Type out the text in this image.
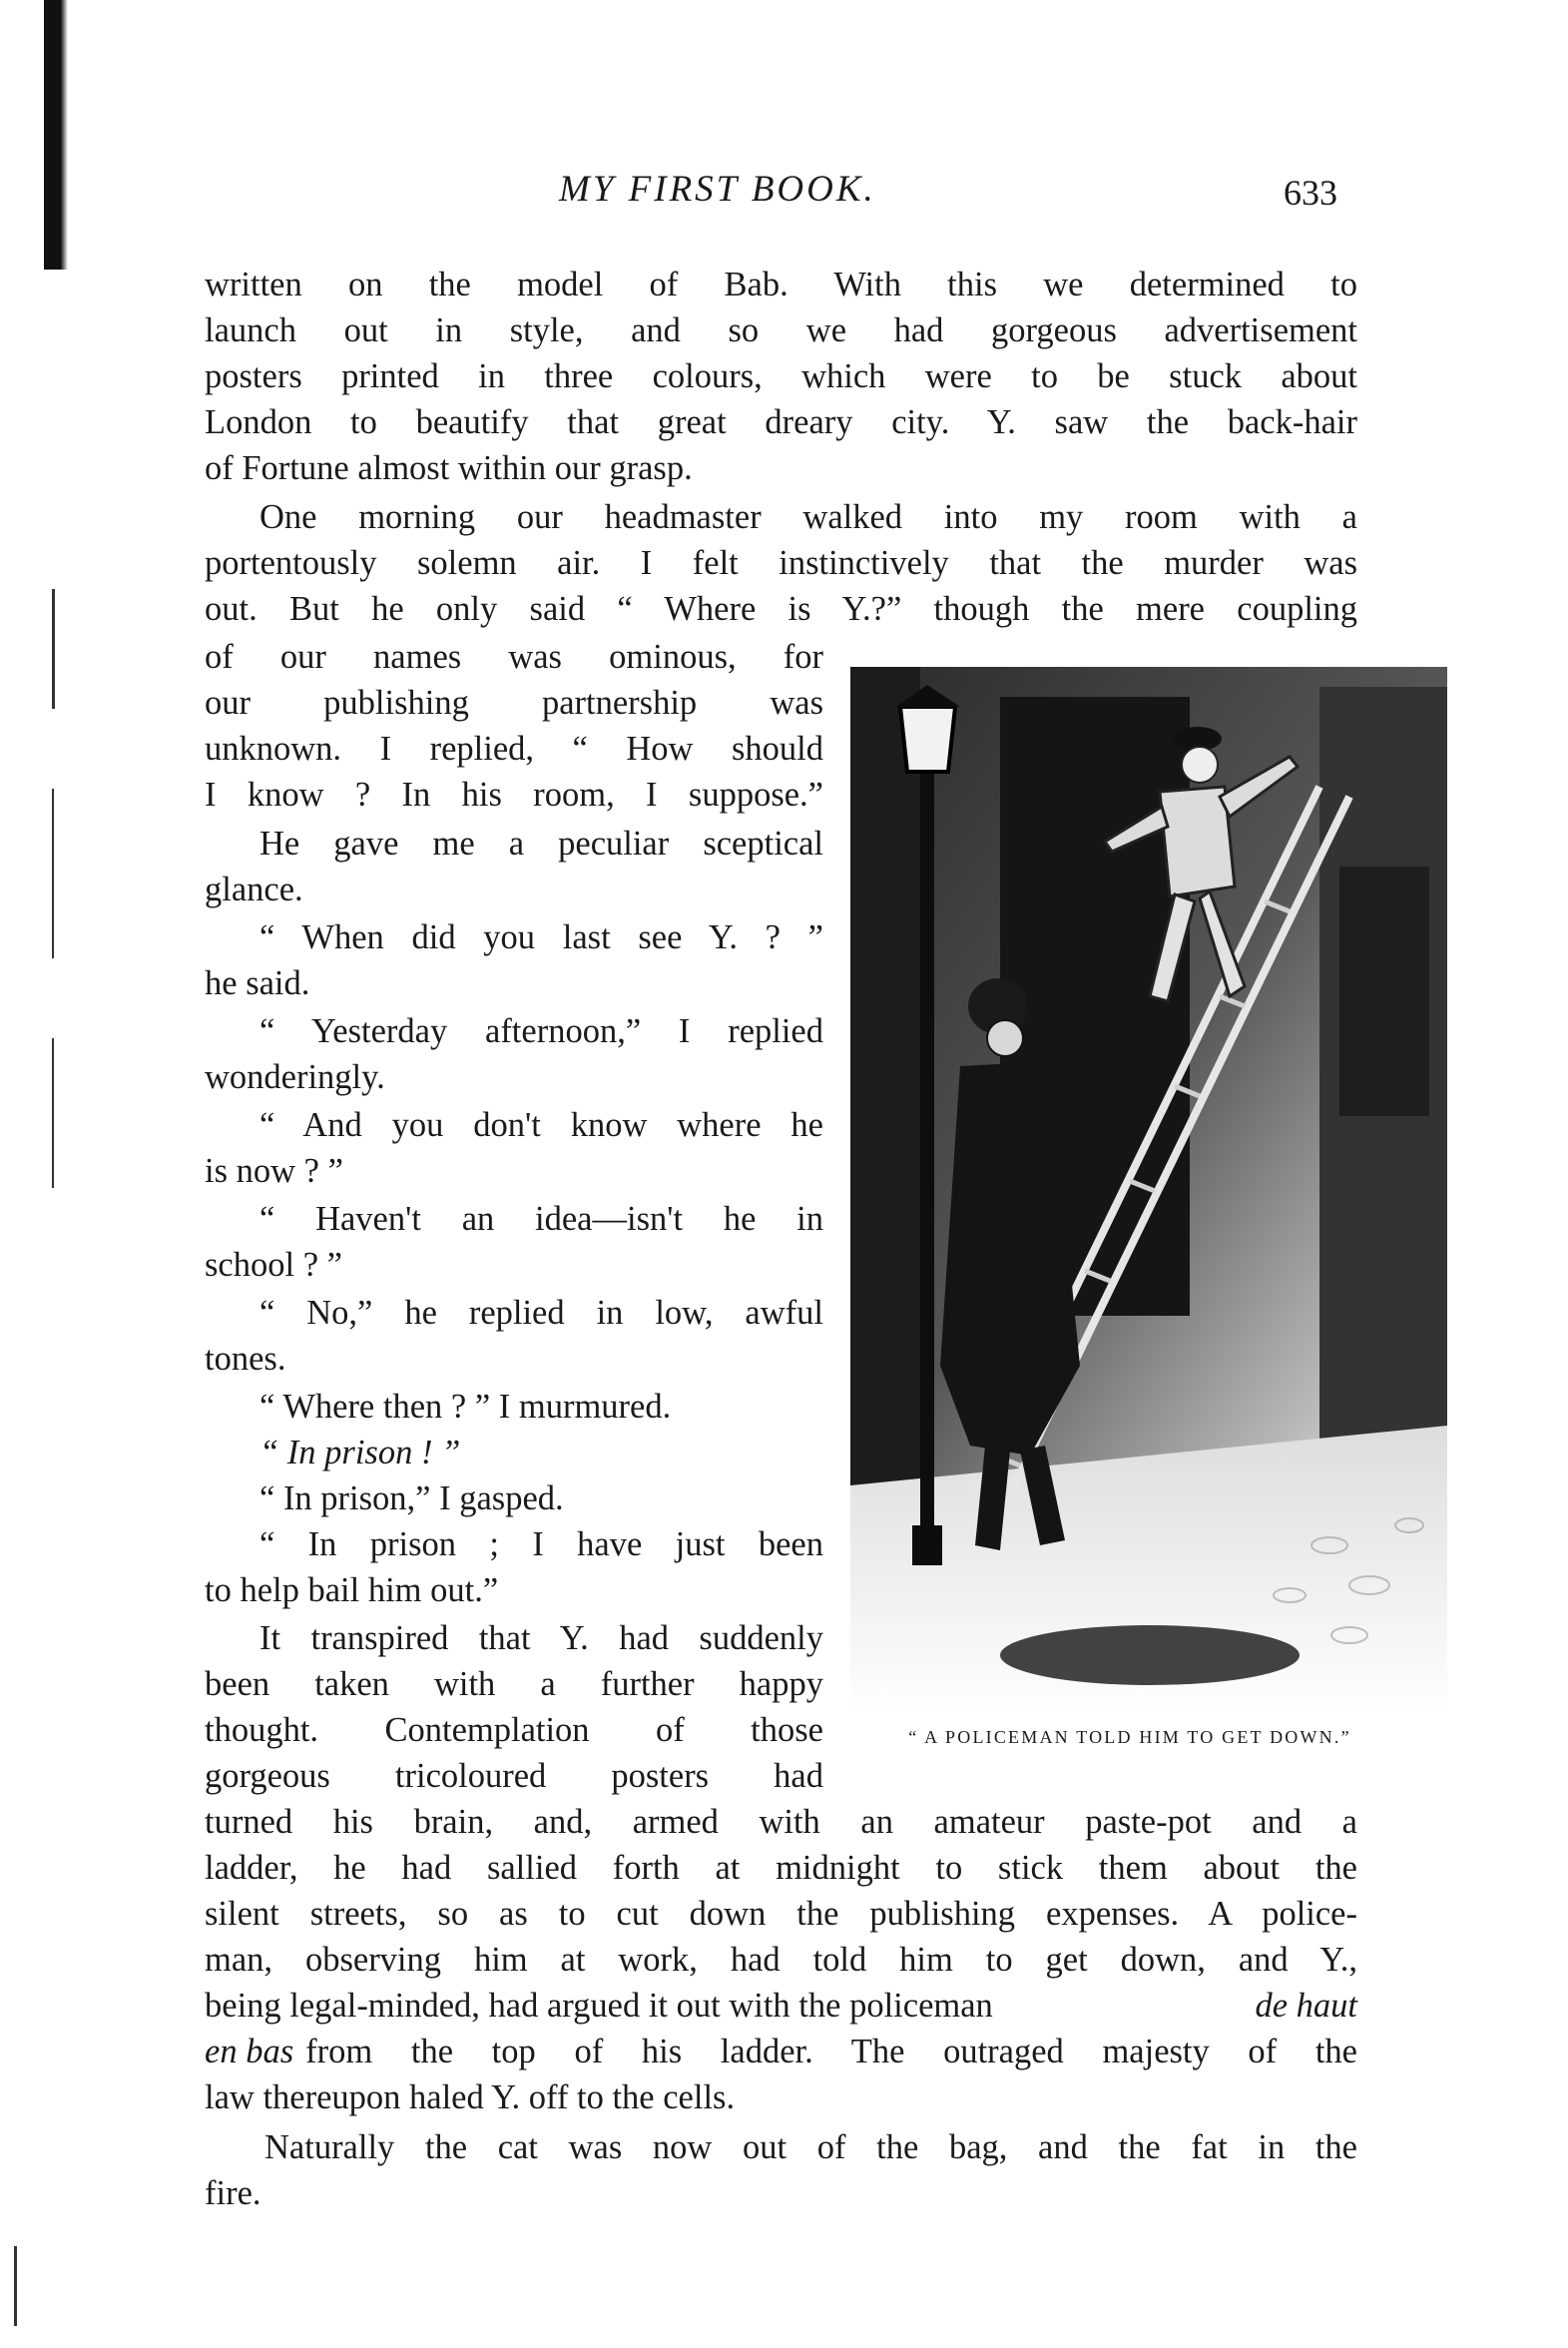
MY FIRST BOOK.	633
written on the model of Bab. With this we determined to
launch out in style, and so we had gorgeous advertisement
posters printed in three colours, which were to be stuck about
London to beautify that great dreary city. Y. saw the back-hair
of Fortune almost within our grasp.
One morning our headmaster walked into my room with a
portentously solemn air. I felt instinctively that the murder was
out. But he only said “ Where is Y.?” though the mere coupling
of our names was ominous, for
our publishing partnership was
unknown. I replied, “ How should
I know ? In his room, I suppose.”
He gave me a peculiar sceptical
glance.
“ When did you last see Y. ? ”
he said.
“ Yesterday afternoon,” I replied
wonderingly.
“ And you don't know where he
is now ? ”
“ Haven't an idea—isn't he in
school ? ”
“ No,” he replied in low, awful
tones.
“ Where then ? ” I murmured.
“ In prison ! ”
“ In prison,” I gasped.
“ In prison ; I have just been
to help bail him out.”
It transpired that Y. had suddenly
been taken with a further happy
thought. Contemplation of those
gorgeous tricoloured posters had
turned his brain, and, armed with an amateur paste-pot and a
ladder, he had sallied forth at midnight to stick them about the
silent streets, so as to cut down the publishing expenses. A police-
man, observing him at work, had told him to get down, and Y.,
being legal-minded, had argued it out with the policeman	de haut
en bas from the top of his ladder. The outraged majesty of the
law thereupon haled Y. off to the cells.
Naturally the cat was now out of the bag, and the fat in the
fire.
“ A POLICEMAN TOLD HIM TO GET DOWN.”
